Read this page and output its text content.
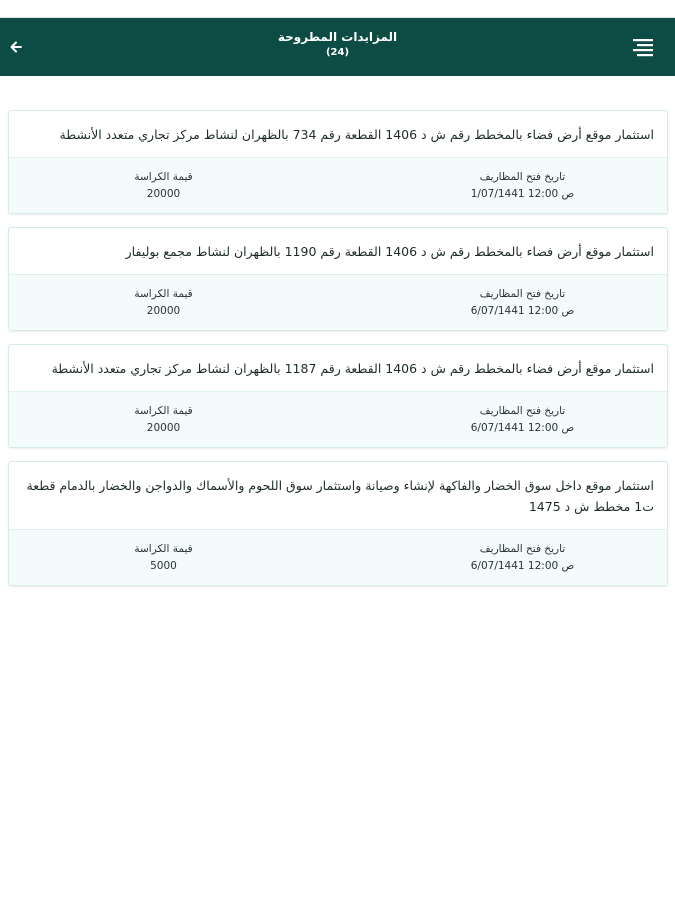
المزايدات المطروحة
(24)
استثمار موقع أرض فضاء بالمخطط رقم ش د 1406 القطعة رقم 734 بالظهران لنشاط مركز تجاري متعدد الأنشطة
تاريخ فتح المظاريف
1/07/1441 12:00 ص
قيمة الكراسة
20000
استثمار موقع أرض فضاء بالمخطط رقم ش د 1406 القطعة رقم 1190 بالظهران لنشاط مجمع بوليفار
تاريخ فتح المظاريف
6/07/1441 12:00 ص
قيمة الكراسة
20000
استثمار موقع أرض فضاء بالمخطط رقم ش د 1406 القطعة رقم 1187 بالظهران لنشاط مركز تجاري متعدد الأنشطة
تاريخ فتح المظاريف
6/07/1441 12:00 ص
قيمة الكراسة
20000
استثمار موقع داخل سوق الخضار والفاكهة لإنشاء وصيانة واستثمار سوق اللحوم والأسماك والدواجن والخضار بالدمام قطعة ت1 مخطط ش د 1475
تاريخ فتح المظاريف
6/07/1441 12:00 ص
قيمة الكراسة
5000
